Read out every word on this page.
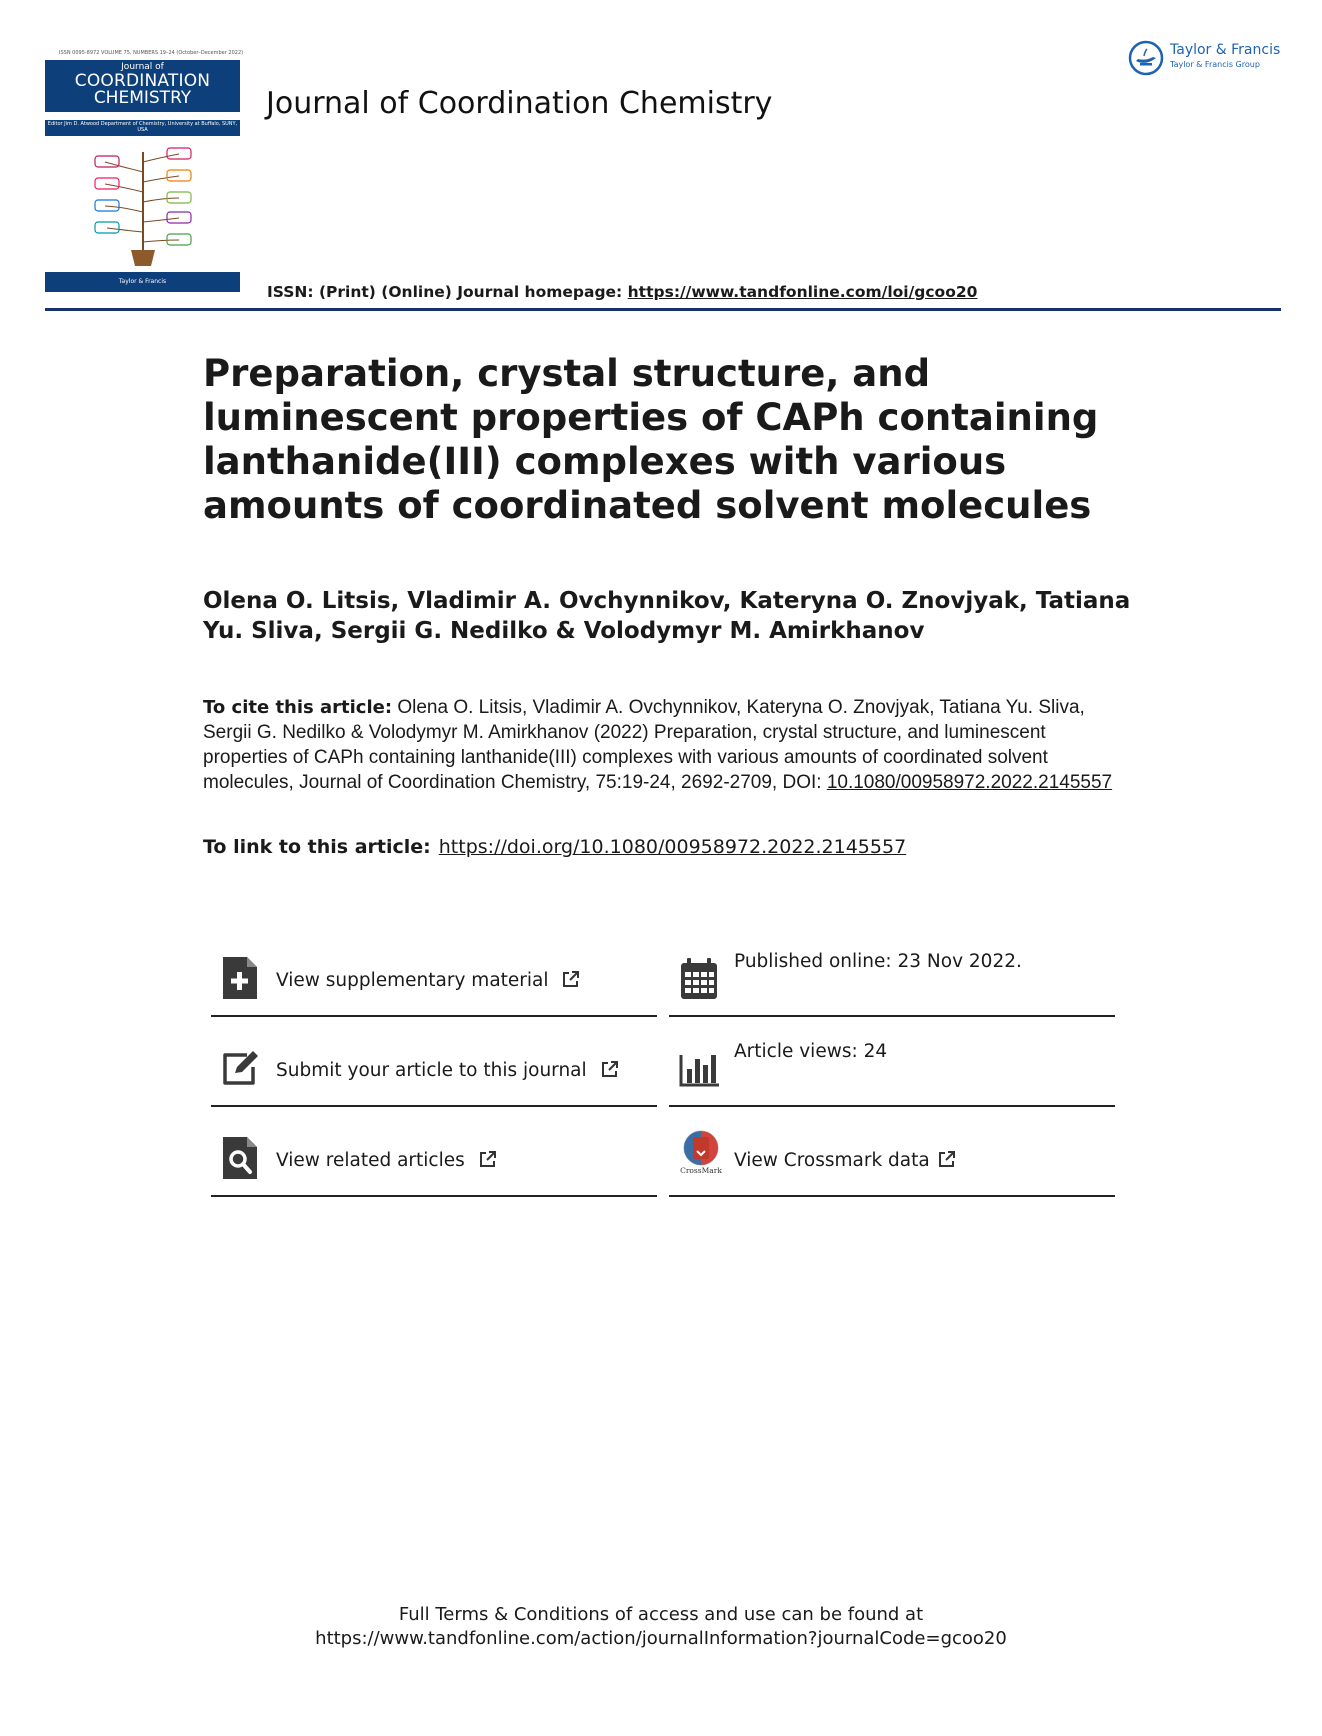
ISSN 0095-8972 VOLUME 75, NUMBERS 19–24 (October–December 2022)
Journal of
COORDINATION
CHEMISTRY
Editor Jim D. Atwood Department of Chemistry, University at Buffalo, SUNY, USA
Taylor & Francis
Journal of Coordination Chemistry
Taylor & Francis
Taylor & Francis Group
ISSN: (Print) (Online) Journal homepage: https://www.tandfonline.com/loi/gcoo20
Preparation, crystal structure, and luminescent properties of CAPh containing lanthanide(III) complexes with various amounts of coordinated solvent molecules
Olena O. Litsis, Vladimir A. Ovchynnikov, Kateryna O. Znovjyak, Tatiana Yu. Sliva, Sergii G. Nedilko & Volodymyr M. Amirkhanov
To cite this article: Olena O. Litsis, Vladimir A. Ovchynnikov, Kateryna O. Znovjyak, Tatiana Yu. Sliva, Sergii G. Nedilko & Volodymyr M. Amirkhanov (2022) Preparation, crystal structure, and luminescent properties of CAPh containing lanthanide(III) complexes with various amounts of coordinated solvent molecules, Journal of Coordination Chemistry, 75:19-24, 2692-2709, DOI: 10.1080/00958972.2022.2145557
To link to this article: https://doi.org/10.1080/00958972.2022.2145557
View supplementary material
Published online: 23 Nov 2022.
Submit your article to this journal
Article views: 24
View related articles	CrossMark View Crossmark data
Full Terms & Conditions of access and use can be found at
https://www.tandfonline.com/action/journalInformation?journalCode=gcoo20
